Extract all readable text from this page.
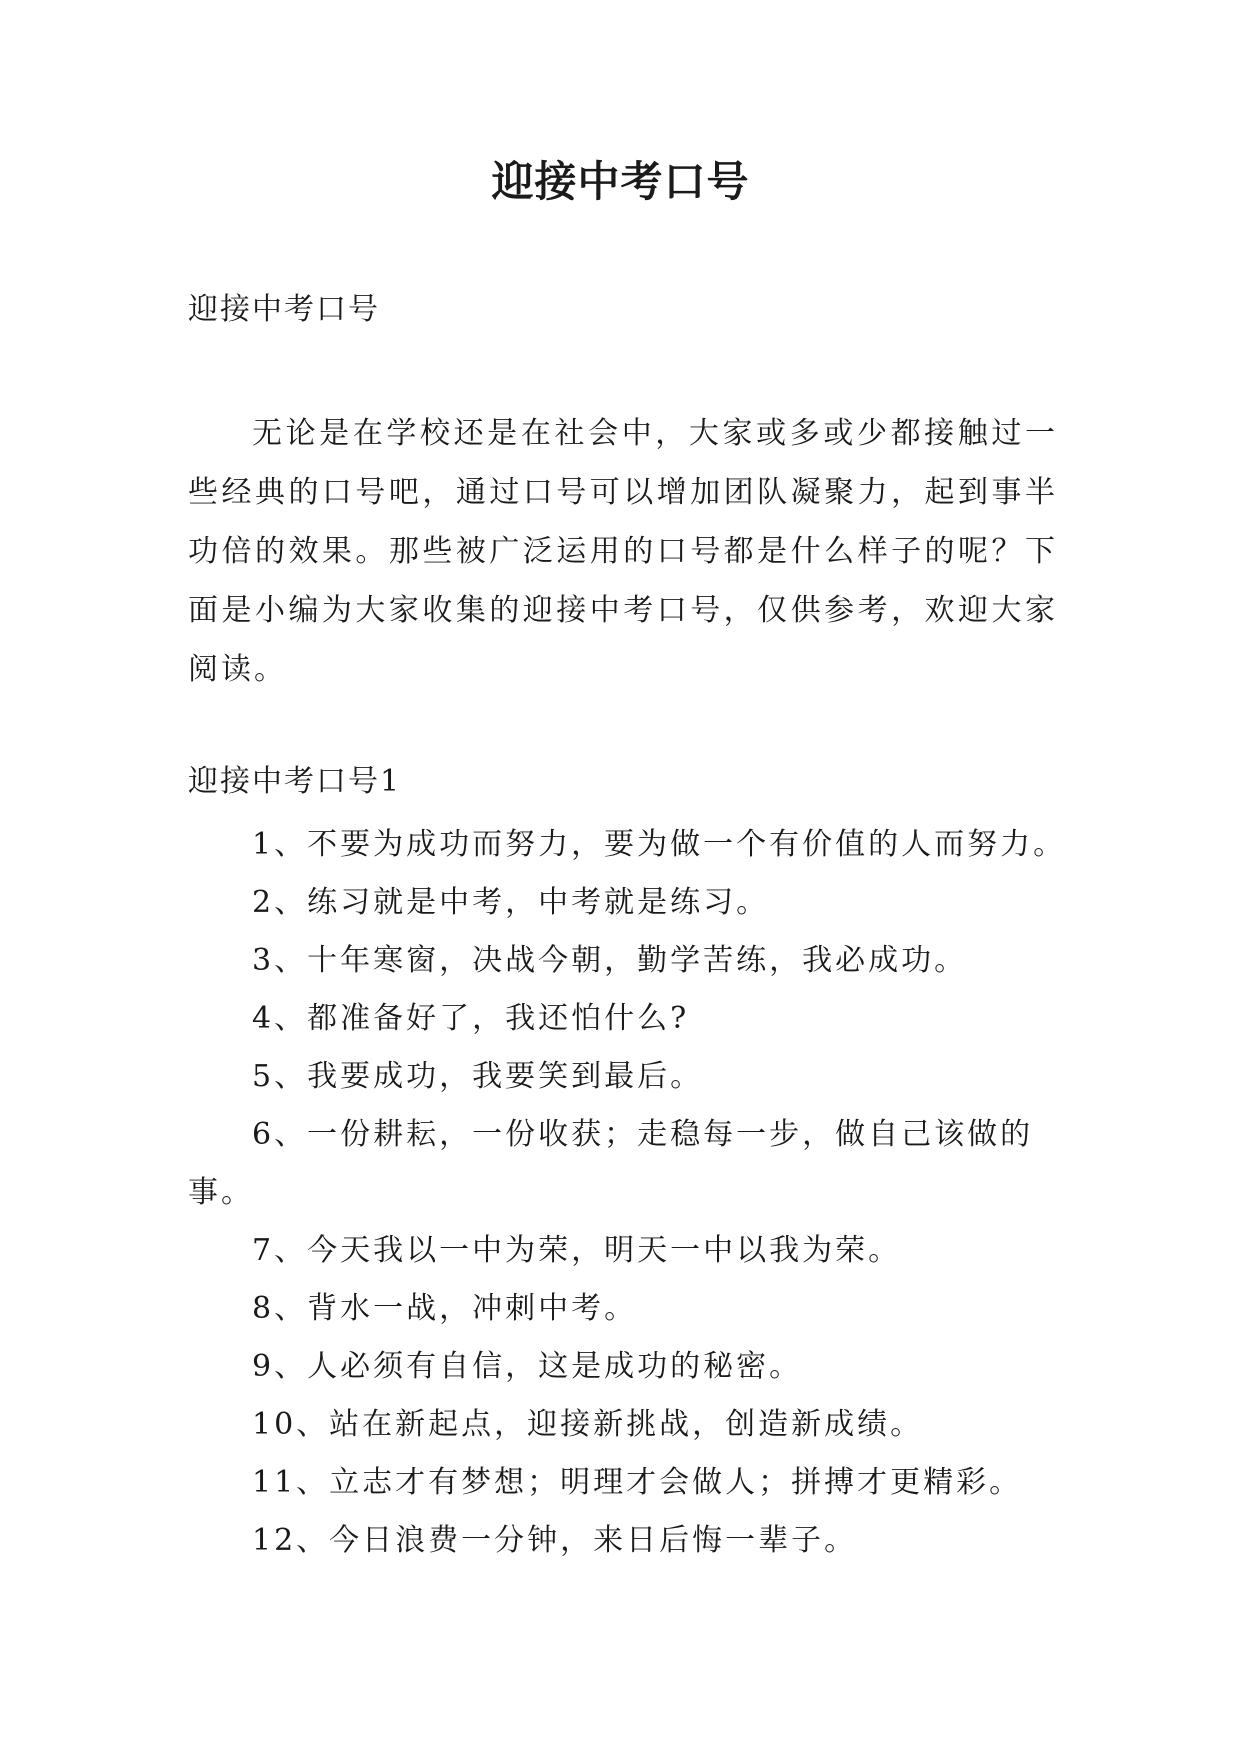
迎接中考口号
迎接中考口号

无论是在学校还是在社会中，大家或多或少都接触过一些经典的口号吧，通过口号可以增加团队凝聚力，起到事半功倍的效果。那些被广泛运用的口号都是什么样子的呢？下面是小编为大家收集的迎接中考口号，仅供参考，欢迎大家阅读。

迎接中考口号1
1、不要为成功而努力，要为做一个有价值的人而努力。
2、练习就是中考，中考就是练习。
3、十年寒窗，决战今朝，勤学苦练，我必成功。
4、都准备好了，我还怕什么?
5、我要成功，我要笑到最后。
6、一份耕耘，一份收获；走稳每一步，做自己该做的事。
7、今天我以一中为荣，明天一中以我为荣。
8、背水一战，冲刺中考。
9、人必须有自信，这是成功的秘密。
10、站在新起点，迎接新挑战，创造新成绩。
11、立志才有梦想；明理才会做人；拼搏才更精彩。
12、今日浪费一分钟，来日后悔一辈子。
